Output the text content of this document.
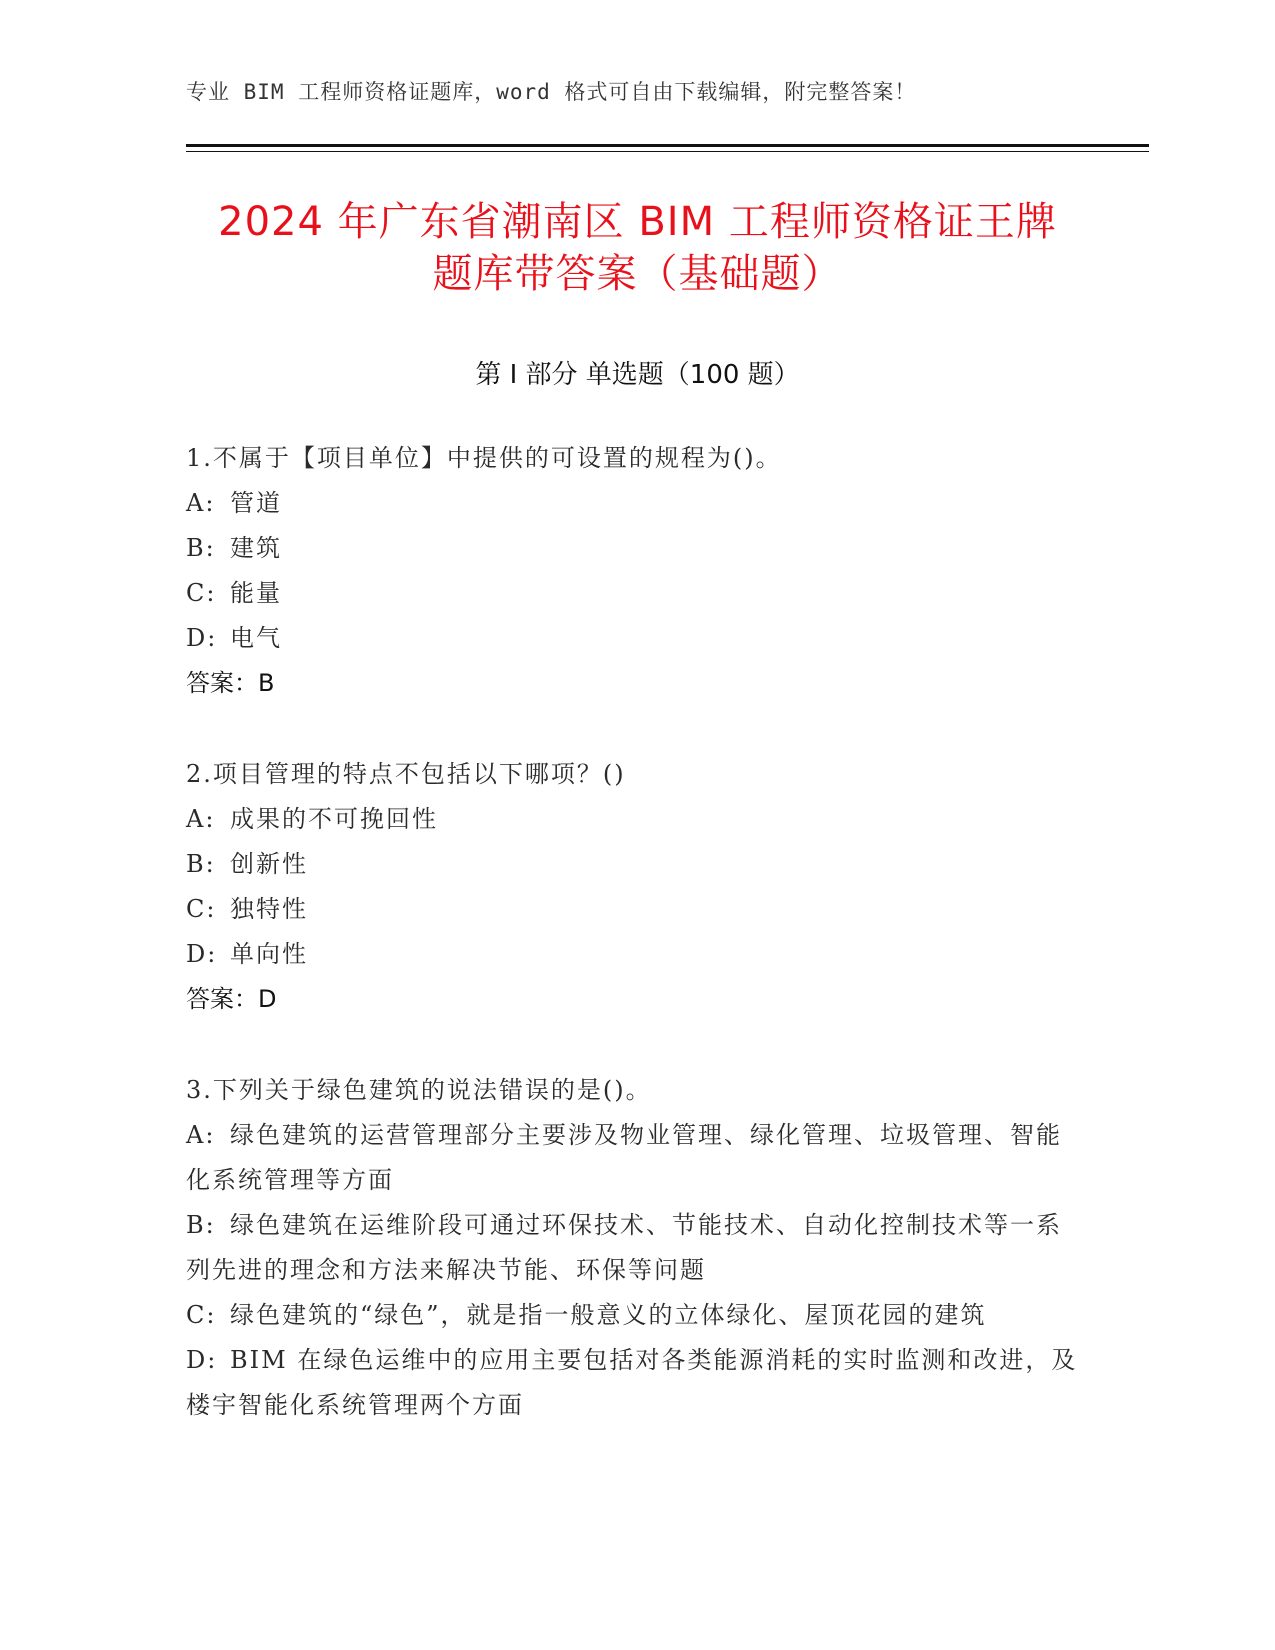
专业 BIM 工程师资格证题库，word 格式可自由下载编辑，附完整答案！
2024 年广东省潮南区 BIM 工程师资格证王牌
题库带答案（基础题）
第 I 部分 单选题（100 题）
1.不属于【项目单位】中提供的可设置的规程为()。
A: 管道
B: 建筑
C: 能量
D: 电气
答案：B
2.项目管理的特点不包括以下哪项？()
A: 成果的不可挽回性
B: 创新性
C: 独特性
D: 单向性
答案：D
3.下列关于绿色建筑的说法错误的是()。
A: 绿色建筑的运营管理部分主要涉及物业管理、绿化管理、垃圾管理、智能化系统管理等方面
B: 绿色建筑在运维阶段可通过环保技术、节能技术、自动化控制技术等一系列先进的理念和方法来解决节能、环保等问题
C: 绿色建筑的“绿色”，就是指一般意义的立体绿化、屋顶花园的建筑
D: BIM 在绿色运维中的应用主要包括对各类能源消耗的实时监测和改进，及楼宇智能化系统管理两个方面
